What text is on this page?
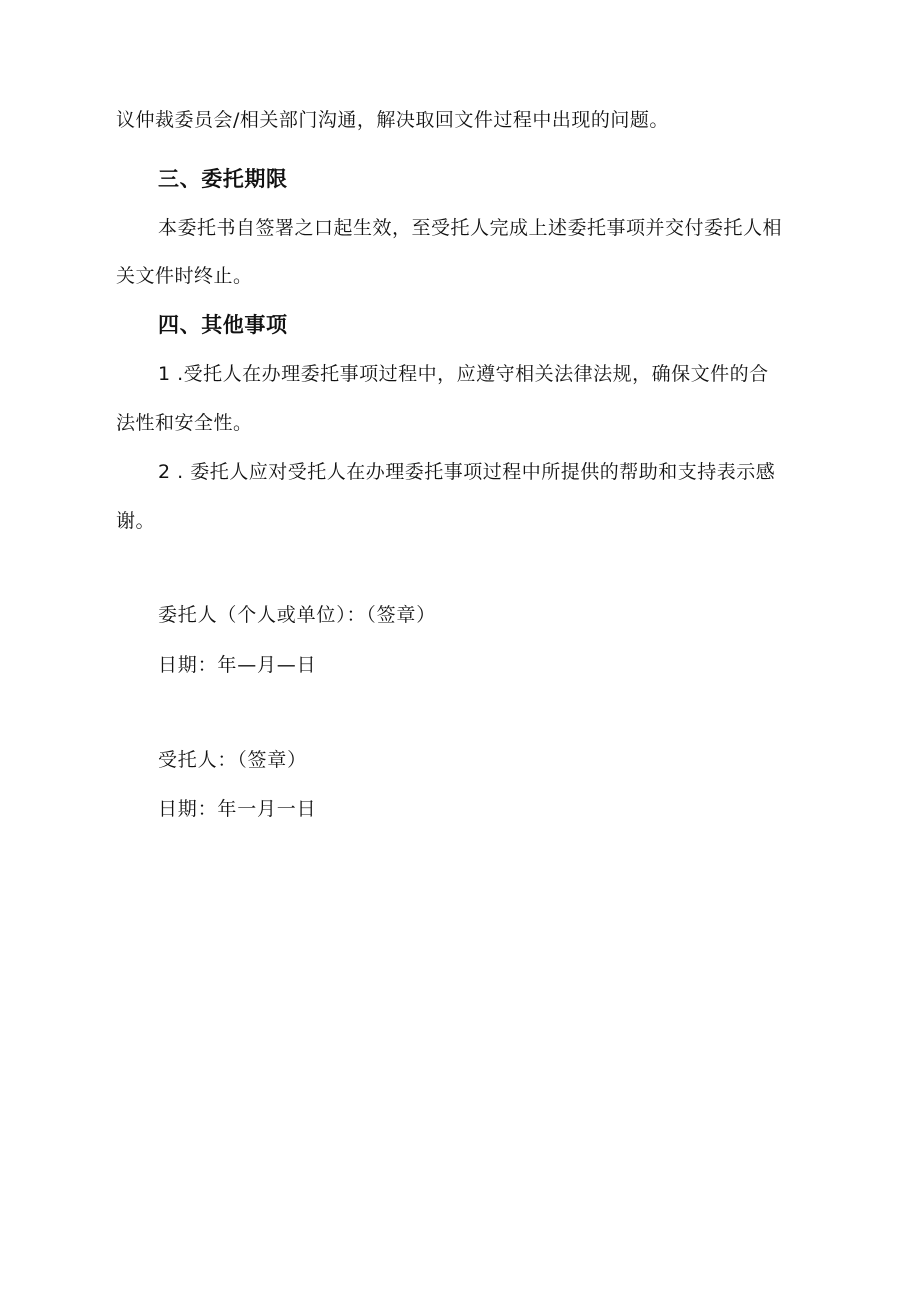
议仲裁委员会/相关部门沟通，解决取回文件过程中出现的问题。
三、委托期限
本委托书自签署之口起生效，至受托人完成上述委托事项并交付委托人相
关文件时终止。
四、其他事项
1 .受托人在办理委托事项过程中，应遵守相关法律法规，确保文件的合
法性和安全性。
2 . 委托人应对受托人在办理委托事项过程中所提供的帮助和支持表示感
谢。
委托人（个人或单位）：（签章）
日期：年—月—日
受托人：（签章）
日期：年一月一日
